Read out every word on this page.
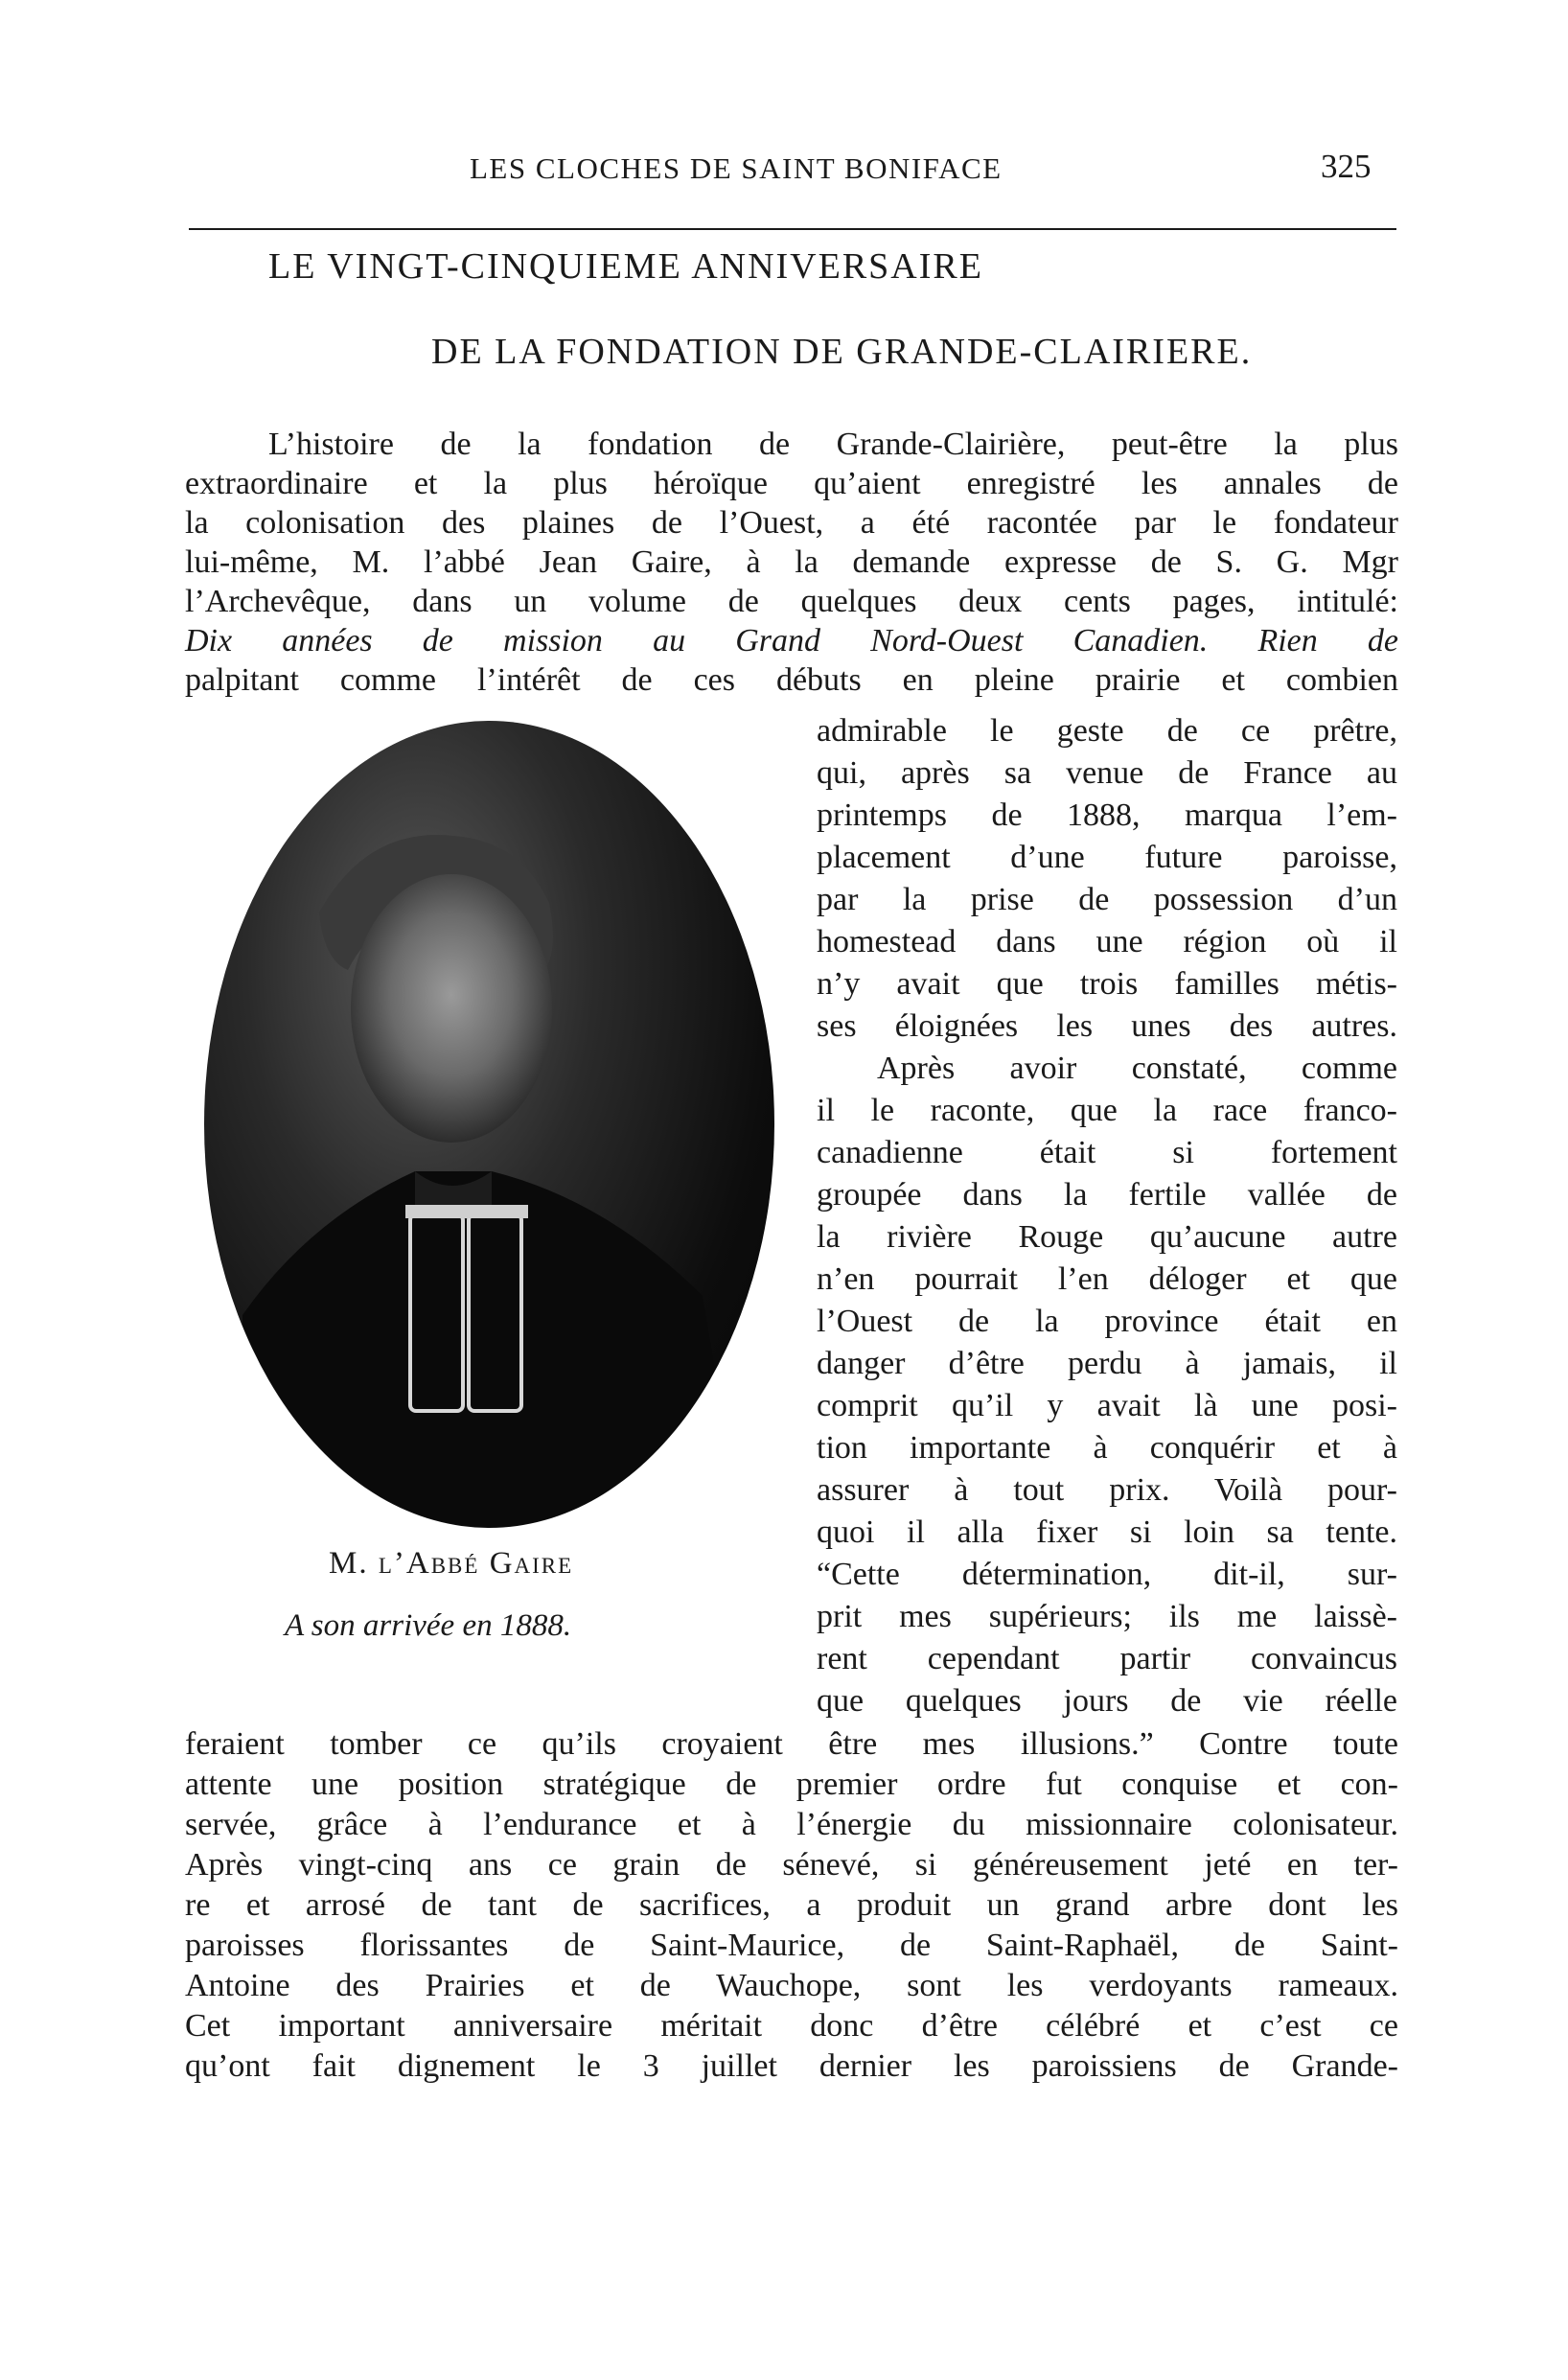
LES CLOCHES DE SAINT BONIFACE	325
LE VINGT-CINQUIEME ANNIVERSAIRE
DE LA FONDATION DE GRANDE-CLAIRIERE.
L’histoire de la fondation de Grande-Clairière, peut-être la plus
extraordinaire et la plus héroïque qu’aient enregistré les annales de
la colonisation des plaines de l’Ouest, a été racontée par le fondateur
lui-même, M. l’abbé Jean Gaire, à la demande expresse de S. G. Mgr
l’Archevêque, dans un volume de quelques deux cents pages, intitulé:
Dix années de mission au Grand Nord-Ouest Canadien. Rien de
palpitant comme l’intérêt de ces débuts en pleine prairie et combien
admirable le geste de ce prêtre,
qui, après sa venue de France au
printemps de 1888, marqua l’em-
placement d’une future paroisse,
par la prise de possession d’un
homestead dans une région où il
n’y avait que trois familles métis-
ses éloignées les unes des autres.
Après avoir constaté, comme
il le raconte, que la race franco-
canadienne était si fortement
groupée dans la fertile vallée de
la rivière Rouge qu’aucune autre
n’en pourrait l’en déloger et que
l’Ouest de la province était en
danger d’être perdu à jamais, il
comprit qu’il y avait là une posi-
tion importante à conquérir et à
assurer à tout prix. Voilà pour-
quoi il alla fixer si loin sa tente.
“Cette détermination, dit-il, sur-
prit mes supérieurs; ils me laissè-
rent cependant partir convaincus
que quelques jours de vie réelle
feraient tomber ce qu’ils croyaient être mes illusions.” Contre toute
attente une position stratégique de premier ordre fut conquise et con-
servée, grâce à l’endurance et à l’énergie du missionnaire colonisateur.
Après vingt-cinq ans ce grain de sénevé, si généreusement jeté en ter-
re et arrosé de tant de sacrifices, a produit un grand arbre dont les
paroisses florissantes de Saint-Maurice, de Saint-Raphaël, de Saint-
Antoine des Prairies et de Wauchope, sont les verdoyants rameaux.
Cet important anniversaire méritait donc d’être célébré et c’est ce
qu’ont fait dignement le 3 juillet dernier les paroissiens de Grande-
M. l’Abbé Gaire
A son arrivée en 1888.
